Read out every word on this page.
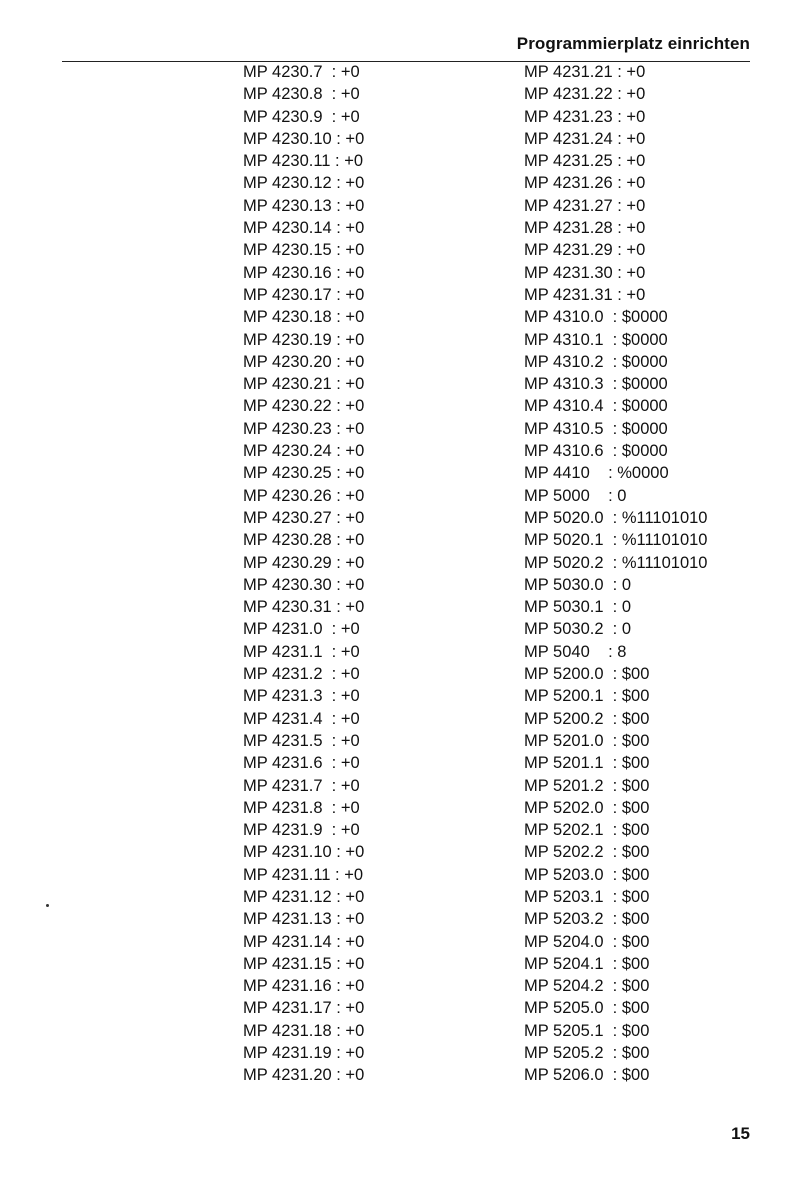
Programmierplatz einrichten
MP 4230.7  : +0
MP 4230.8  : +0
MP 4230.9  : +0
MP 4230.10 : +0
MP 4230.11 : +0
MP 4230.12 : +0
MP 4230.13 : +0
MP 4230.14 : +0
MP 4230.15 : +0
MP 4230.16 : +0
MP 4230.17 : +0
MP 4230.18 : +0
MP 4230.19 : +0
MP 4230.20 : +0
MP 4230.21 : +0
MP 4230.22 : +0
MP 4230.23 : +0
MP 4230.24 : +0
MP 4230.25 : +0
MP 4230.26 : +0
MP 4230.27 : +0
MP 4230.28 : +0
MP 4230.29 : +0
MP 4230.30 : +0
MP 4230.31 : +0
MP 4231.0  : +0
MP 4231.1  : +0
MP 4231.2  : +0
MP 4231.3  : +0
MP 4231.4  : +0
MP 4231.5  : +0
MP 4231.6  : +0
MP 4231.7  : +0
MP 4231.8  : +0
MP 4231.9  : +0
MP 4231.10 : +0
MP 4231.11 : +0
MP 4231.12 : +0
MP 4231.13 : +0
MP 4231.14 : +0
MP 4231.15 : +0
MP 4231.16 : +0
MP 4231.17 : +0
MP 4231.18 : +0
MP 4231.19 : +0
MP 4231.20 : +0
MP 4231.21 : +0
MP 4231.22 : +0
MP 4231.23 : +0
MP 4231.24 : +0
MP 4231.25 : +0
MP 4231.26 : +0
MP 4231.27 : +0
MP 4231.28 : +0
MP 4231.29 : +0
MP 4231.30 : +0
MP 4231.31 : +0
MP 4310.0  : $0000
MP 4310.1  : $0000
MP 4310.2  : $0000
MP 4310.3  : $0000
MP 4310.4  : $0000
MP 4310.5  : $0000
MP 4310.6  : $0000
MP 4410    : %0000
MP 5000    : 0
MP 5020.0  : %11101010
MP 5020.1  : %11101010
MP 5020.2  : %11101010
MP 5030.0  : 0
MP 5030.1  : 0
MP 5030.2  : 0
MP 5040    : 8
MP 5200.0  : $00
MP 5200.1  : $00
MP 5200.2  : $00
MP 5201.0  : $00
MP 5201.1  : $00
MP 5201.2  : $00
MP 5202.0  : $00
MP 5202.1  : $00
MP 5202.2  : $00
MP 5203.0  : $00
MP 5203.1  : $00
MP 5203.2  : $00
MP 5204.0  : $00
MP 5204.1  : $00
MP 5204.2  : $00
MP 5205.0  : $00
MP 5205.1  : $00
MP 5205.2  : $00
MP 5206.0  : $00
15
